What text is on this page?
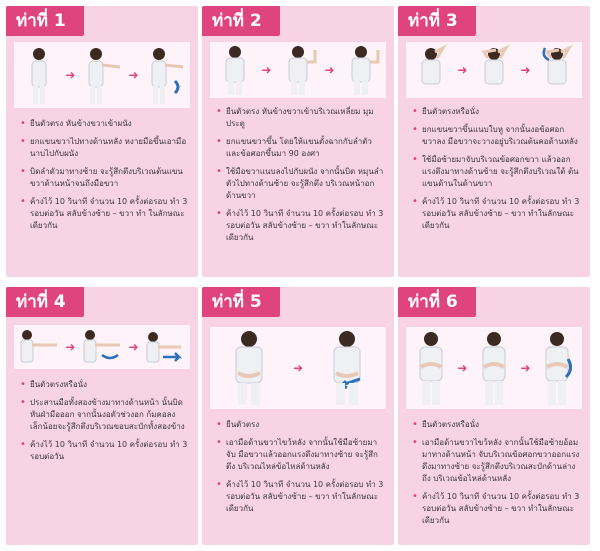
ท่าที่ 1
➜	➜
• ยืนตัวตรง หันข้างขวาเข้าผนัง
• ยกแขนขวาไปทางด้านหลัง หงายมือขึ้นเอามือ นาบไปกับผนัง
• บิดลำตัวมาทางซ้าย จะรู้สึกตึงบริเวณต้นแขน ขวาด้านหน้าจนถึงมือขวา
• ค้างไว้ 10 วินาที จำนวน 10 ครั้งต่อรอบ ทำ 3 รอบต่อวัน สลับข้างซ้าย – ขวา ทำ ในลักษณะเดียวกัน
ท่าที่ 2
➜	➜
• ยืนตัวตรง หันข้างขวาเข้าบริเวณเหลี่ยม มุมประตู
• ยกแขนขวาขึ้น โดยให้แขนตั้งฉากกับลำตัว และข้อศอกขึ้นมา 90 องศา
• ใช้มือขวาแนบลงไปกับผนัง จากนั้นบิด หมุนลำตัวไปทางด้านซ้าย จะรู้สึกตึง บริเวณหน้าอกด้านขวา
• ค้างไว้ 10 วินาที จำนวน 10 ครั้งต่อรอบ ทำ 3 รอบต่อวัน สลับข้างซ้าย – ขวา ทำในลักษณะเดียวกัน
ท่าที่ 3
➜	➜
• ยืนตัวตรงหรือนั่ง
• ยกแขนขวาขึ้นแนบใบหู จากนั้นงอข้อศอก ขวาลง มือขวาจะวางอยู่บริเวณต้นคอด้านหลัง
• ใช้มือซ้ายมาจับบริเวณข้อศอกขวา แล้วออก แรงดึงมาทางด้านซ้าย จะรู้สึกตึงบริเวณใต้ ต้นแขนด้านในด้านขวา
• ค้างไว้ 10 วินาที จำนวน 10 ครั้งต่อรอบ ทำ 3 รอบต่อวัน สลับข้างซ้าย – ขวา ทำในลักษณะ เดียวกัน
ท่าที่ 4
➜	➜
• ยืนตัวตรงหรือนั่ง
• ประสานมือทั้งสองข้างมาทางด้านหน้า นั้นบิด หันฝ่ามือออก จากนั้นงอตัวช่วงอก ก้มคอลง เล็กน้อยจะรู้สึกตึงบริเวณขอบสะบักทั้งสองข้าง
• ค้างไว้ 10 วินาที จำนวน 10 ครั้งต่อรอบ ทำ 3 รอบต่อวัน
ท่าที่ 5
➜
• ยืนตัวตรง
• เอามือด้านขวาไขว้หลัง จากนั้นใช้มือซ้ายมาจับ มือขวาแล้วออกแรงดึงมาทางซ้าย จะรู้สึกตึง บริเวณไหล่ข้อไหล่ด้านหลัง
• ค้างไว้ 10 วินาที จำนวน 10 ครั้งต่อรอบ ทำ 3 รอบต่อวัน สลับข้างซ้าย – ขวา ทำในลักษณะ เดียวกัน
ท่าที่ 6
➜	➜
• ยืนตัวตรงหรือนั่ง
• เอามือด้านขวาไขว้หลัง จากนั้นใช้มือซ้ายอ้อม มาทางด้านหน้า จับบริเวณข้อศอกขวาออกแรง ดึงมาทางซ้าย จะรู้สึกตึงบริเวณสะบักด้านล่างถึง บริเวณข้อไหล่ด้านหลัง
• ค้างไว้ 10 วินาที จำนวน 10 ครั้งต่อรอบ ทำ 3 รอบต่อวัน สลับข้างซ้าย – ขวา ทำในลักษณะ เดียวกัน
